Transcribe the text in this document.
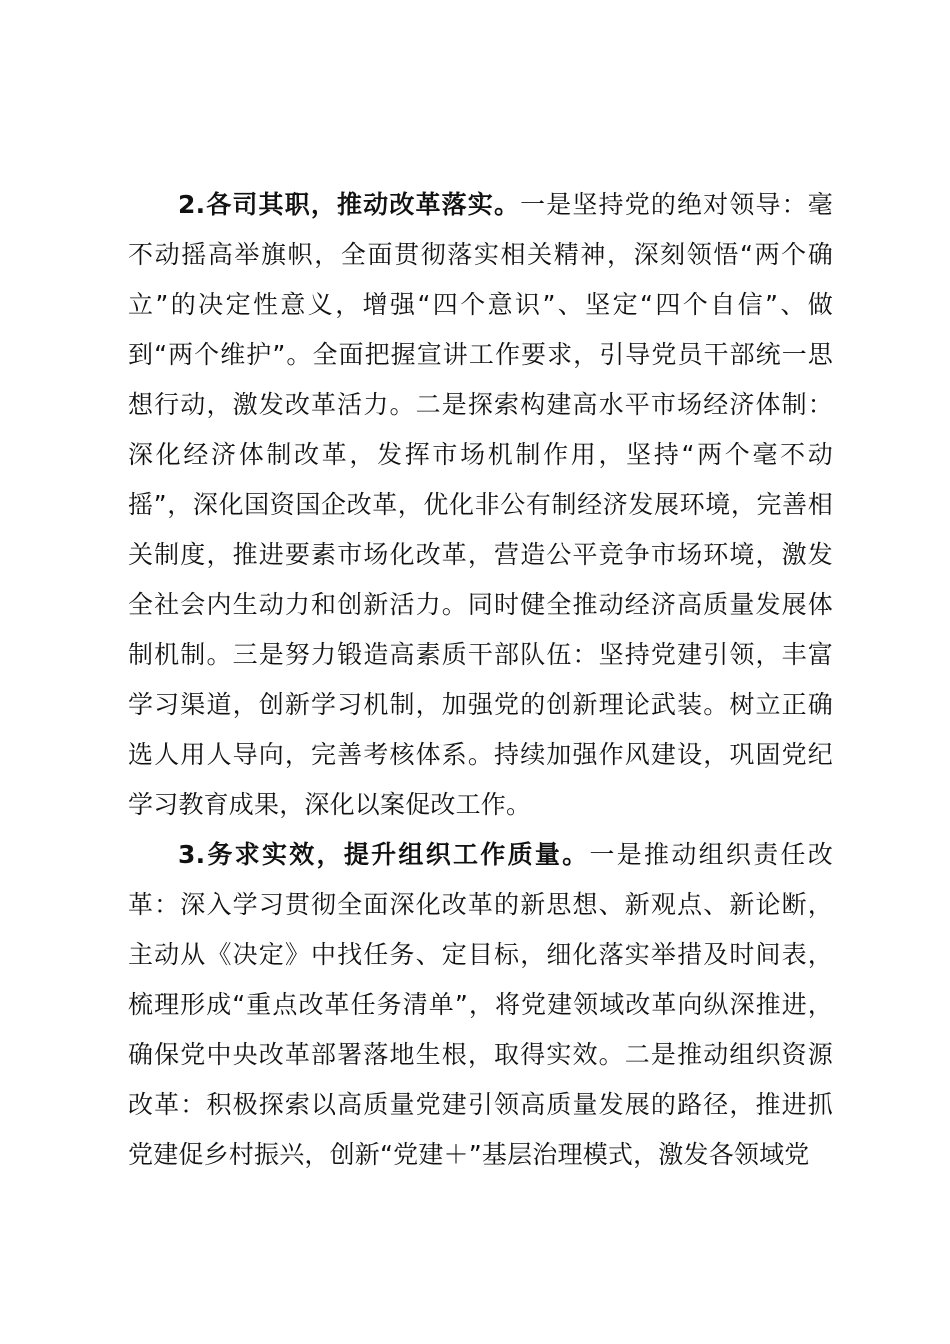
2.各司其职，推动改革落实。一是坚持党的绝对领导：毫不动摇高举旗帜，全面贯彻落实相关精神，深刻领悟“两个确立”的决定性意义，增强“四个意识”、坚定“四个自信”、做到“两个维护”。全面把握宣讲工作要求，引导党员干部统一思想行动，激发改革活力。二是探索构建高水平市场经济体制：深化经济体制改革，发挥市场机制作用，坚持“两个毫不动摇”，深化国资国企改革，优化非公有制经济发展环境，完善相关制度，推进要素市场化改革，营造公平竞争市场环境，激发全社会内生动力和创新活力。同时健全推动经济高质量发展体制机制。三是努力锻造高素质干部队伍：坚持党建引领，丰富学习渠道，创新学习机制，加强党的创新理论武装。树立正确选人用人导向，完善考核体系。持续加强作风建设，巩固党纪学习教育成果，深化以案促改工作。

3.务求实效，提升组织工作质量。一是推动组织责任改革：深入学习贯彻全面深化改革的新思想、新观点、新论断，主动从《决定》中找任务、定目标，细化落实举措及时间表，梳理形成“重点改革任务清单”，将党建领域改革向纵深推进，确保党中央改革部署落地生根，取得实效。二是推动组织资源改革：积极探索以高质量党建引领高质量发展的路径，推进抓党建促乡村振兴，创新“党建＋”基层治理模式，激发各领域党
